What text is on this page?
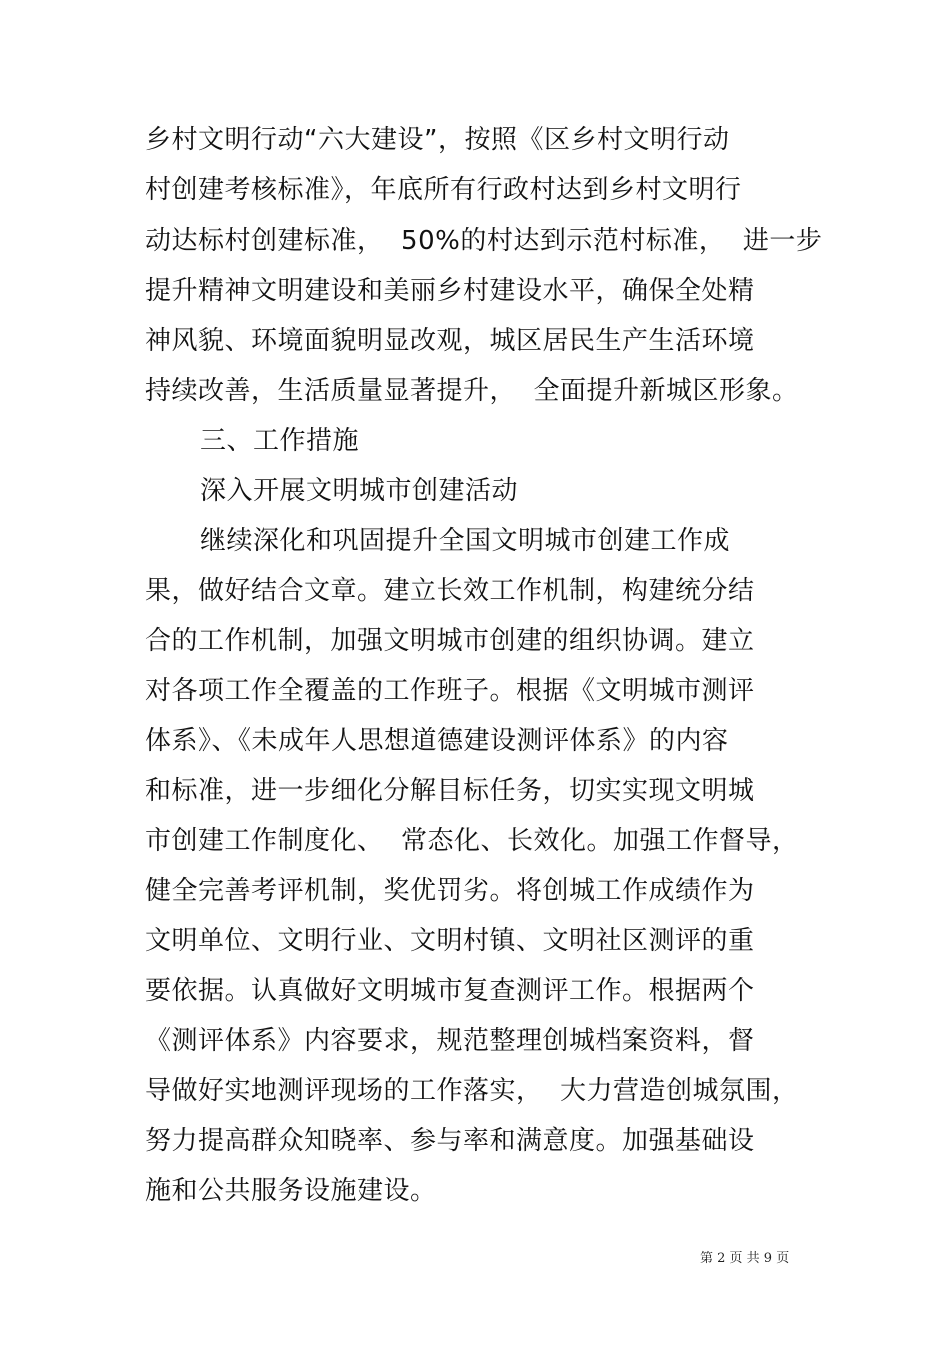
乡村文明行动“六大建设”，按照《区乡村文明行动
村创建考核标准》，年底所有行政村达到乡村文明行
动达标村创建标准，  50%的村达到示范村标准，  进一步
提升精神文明建设和美丽乡村建设水平，确保全处精
神风貌、环境面貌明显改观，城区居民生产生活环境
持续改善，生活质量显著提升，  全面提升新城区形象。
三、工作措施
深入开展文明城市创建活动
继续深化和巩固提升全国文明城市创建工作成
果，做好结合文章。建立长效工作机制，构建统分结
合的工作机制，加强文明城市创建的组织协调。建立
对各项工作全覆盖的工作班子。根据《文明城市测评
体系》、《未成年人思想道德建设测评体系》的内容
和标准，进一步细化分解目标任务，切实实现文明城
市创建工作制度化、  常态化、长效化。加强工作督导，
健全完善考评机制，奖优罚劣。将创城工作成绩作为
文明单位、文明行业、文明村镇、文明社区测评的重
要依据。认真做好文明城市复查测评工作。根据两个
《测评体系》内容要求，规范整理创城档案资料，督
导做好实地测评现场的工作落实，  大力营造创城氛围，
努力提高群众知晓率、参与率和满意度。加强基础设
施和公共服务设施建设。
第 2 页 共 9 页
